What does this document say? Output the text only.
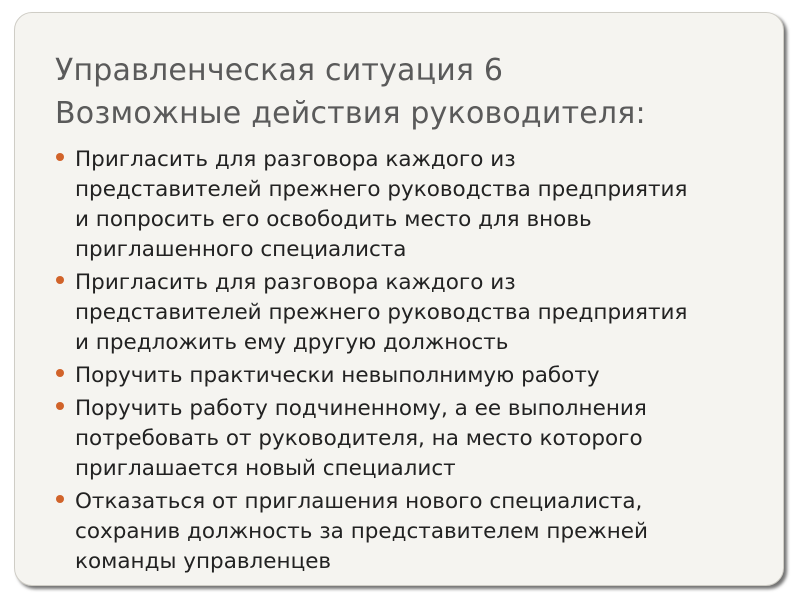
Управленческая ситуация 6
Возможные действия руководителя:
Пригласить для разговора каждого из
представителей прежнего руководства предприятия
и попросить его освободить место для вновь
приглашенного специалиста
Пригласить для разговора каждого из
представителей прежнего руководства предприятия
и предложить ему другую должность
Поручить практически невыполнимую работу
Поручить работу подчиненному, а ее выполнения
потребовать от руководителя, на место которого
приглашается новый специалист
Отказаться от приглашения нового специалиста,
сохранив должность за представителем прежней
команды управленцев
